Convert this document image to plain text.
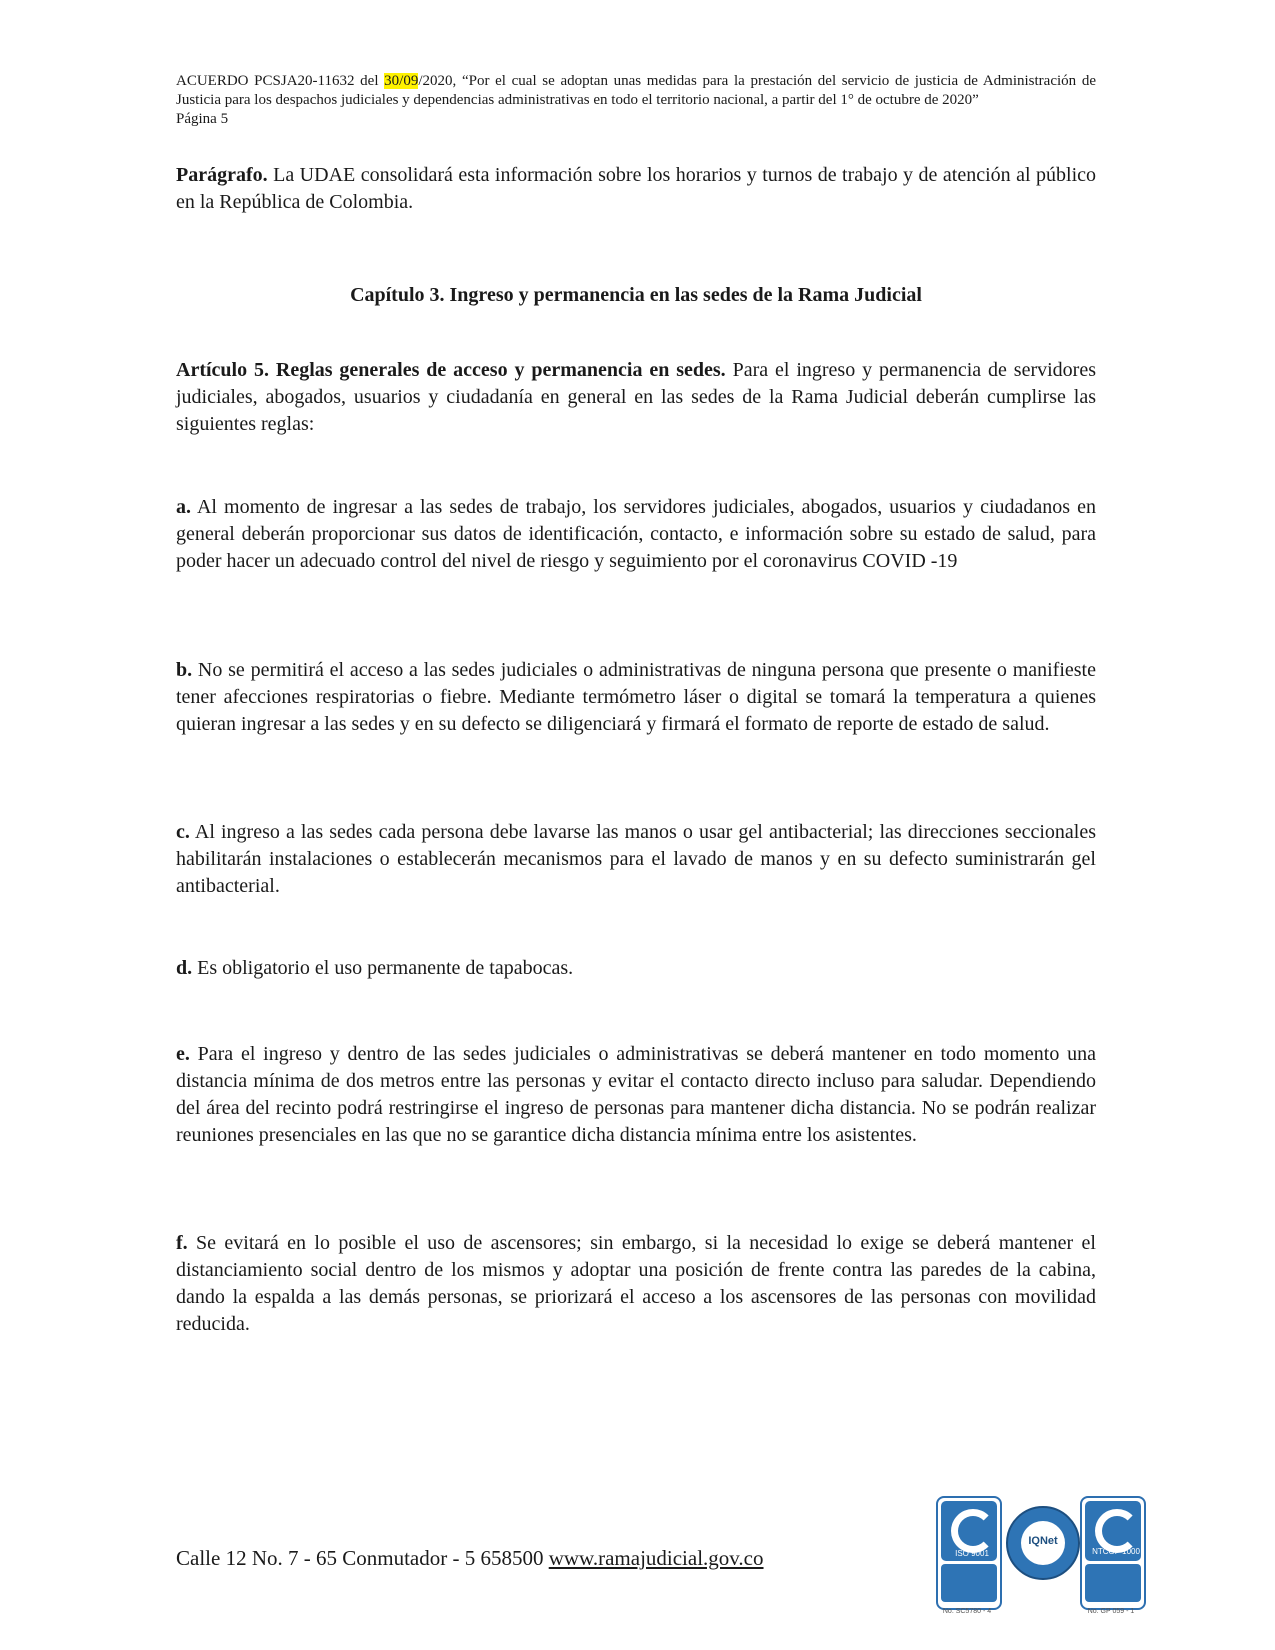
ACUERDO PCSJA20-11632 del 30/09/2020, “Por el cual se adoptan unas medidas para la prestación del servicio de justicia de Administración de Justicia para los despachos judiciales y dependencias administrativas en todo el territorio nacional, a partir del 1° de octubre de 2020”
Página 5
Parágrafo. La UDAE consolidará esta información sobre los horarios y turnos de trabajo y de atención al público en la República de Colombia.
Capítulo 3. Ingreso y permanencia en las sedes de la Rama Judicial
Artículo 5. Reglas generales de acceso y permanencia en sedes. Para el ingreso y permanencia de servidores judiciales, abogados, usuarios y ciudadanía en general en las sedes de la Rama Judicial deberán cumplirse las siguientes reglas:
a. Al momento de ingresar a las sedes de trabajo, los servidores judiciales, abogados, usuarios y ciudadanos en general deberán proporcionar sus datos de identificación, contacto, e información sobre su estado de salud, para poder hacer un adecuado control del nivel de riesgo y seguimiento por el coronavirus COVID -19
b. No se permitirá el acceso a las sedes judiciales o administrativas de ninguna persona que presente o manifieste tener afecciones respiratorias o fiebre. Mediante termómetro láser o digital se tomará la temperatura a quienes quieran ingresar a las sedes y en su defecto se diligenciará y firmará el formato de reporte de estado de salud.
c. Al ingreso a las sedes cada persona debe lavarse las manos o usar gel antibacterial; las direcciones seccionales habilitarán instalaciones o establecerán mecanismos para el lavado de manos y en su defecto suministrarán gel antibacterial.
d. Es obligatorio el uso permanente de tapabocas.
e. Para el ingreso y dentro de las sedes judiciales o administrativas se deberá mantener en todo momento una distancia mínima de dos metros entre las personas y evitar el contacto directo incluso para saludar. Dependiendo del área del recinto podrá restringirse el ingreso de personas para mantener dicha distancia. No se podrán realizar reuniones presenciales en las que no se garantice dicha distancia mínima entre los asistentes.
f. Se evitará en lo posible el uso de ascensores; sin embargo, si la necesidad lo exige se deberá mantener el distanciamiento social dentro de los mismos y adoptar una posición de frente contra las paredes de la cabina, dando la espalda a las demás personas, se priorizará el acceso a los ascensores de las personas con movilidad reducida.
Calle 12 No. 7 - 65 Conmutador - 5 658500 www.ramajudicial.gov.co	ISO 9001
No. SC5780 - 4
IQNet
NTCGP 1000
No. GP 059 - 1
